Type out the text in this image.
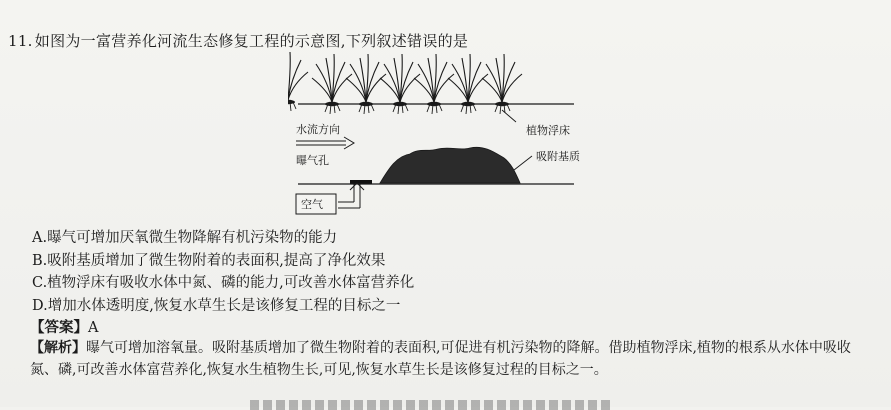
11. 如图为一富营养化河流生态修复工程的示意图,下列叙述错误的是
植物浮床
水流方向
曝气孔	吸附基质
空气
A.曝气可增加厌氧微生物降解有机污染物的能力
B.吸附基质增加了微生物附着的表面积,提高了净化效果
C.植物浮床有吸收水体中氮、磷的能力,可改善水体富营养化
D.增加水体透明度,恢复水草生长是该修复工程的目标之一
【答案】A
【解析】曝气可增加溶氧量。吸附基质增加了微生物附着的表面积,可促进有机污染物的降解。借助植物浮床,植物的根系从水体中吸收氮、磷,可改善水体富营养化,恢复水生植物生长,可见,恢复水草生长是该修复过程的目标之一。
